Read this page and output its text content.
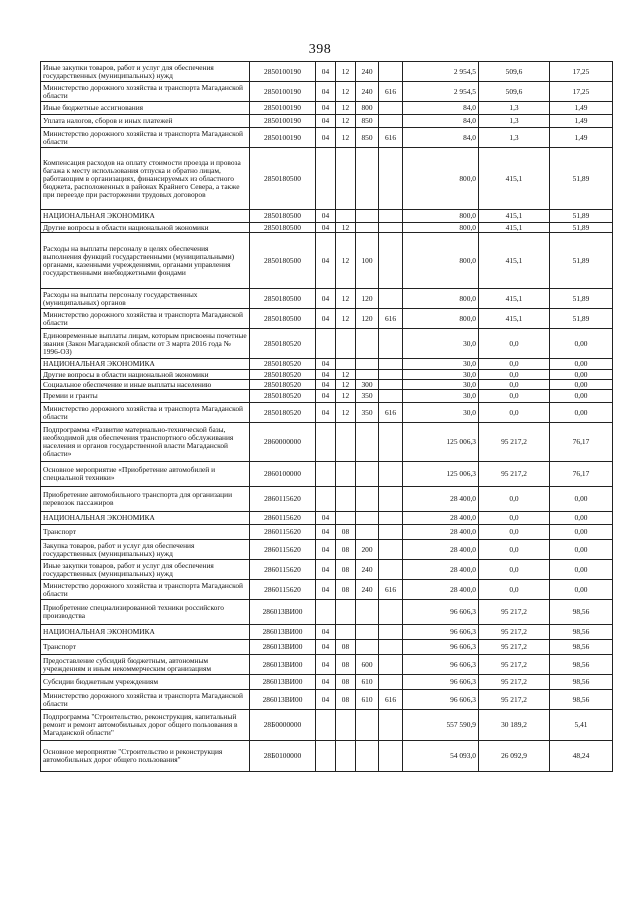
398
Иные закупки товаров, работ и услуг для обеспечения государственных (муниципальных) нужд	2850100190	04	12	240		2 954,5	509,6	17,25
Министерство дорожного хозяйства и транспорта Магаданской области	2850100190	04	12	240	616	2 954,5	509,6	17,25
Иные бюджетные ассигнования	2850100190	04	12	800		84,0	1,3	1,49
Уплата налогов, сборов и иных платежей	2850100190	04	12	850		84,0	1,3	1,49
Министерство дорожного хозяйства и транспорта Магаданской области	2850100190	04	12	850	616	84,0	1,3	1,49
Компенсация расходов на оплату стоимости проезда и провоза багажа к месту использования отпуска и обратно лицам, работающим в организациях, финансируемых из областного бюджета, расположенных в районах Крайнего Севера, а также при переезде при расторжении трудовых договоров	2850180500					800,0	415,1	51,89
НАЦИОНАЛЬНАЯ ЭКОНОМИКА	2850180500	04				800,0	415,1	51,89
Другие вопросы в области национальной экономики	2850180500	04	12			800,0	415,1	51,89
Расходы на выплаты персоналу в целях обеспечения выполнения функций государственными (муниципальными) органами, казенными учреждениями, органами управления государственными внебюджетными фондами	2850180500	04	12	100		800,0	415,1	51,89
Расходы на выплаты персоналу государственных (муниципальных) органов	2850180500	04	12	120		800,0	415,1	51,89
Министерство дорожного хозяйства и транспорта Магаданской области	2850180500	04	12	120	616	800,0	415,1	51,89
Единовременные выплаты лицам, которым присвоены почетные звания (Закон Магаданской области от 3 марта 2016 года № 1996-ОЗ)	2850180520					30,0	0,0	0,00
НАЦИОНАЛЬНАЯ ЭКОНОМИКА	2850180520	04				30,0	0,0	0,00
Другие вопросы в области национальной экономики	2850180520	04	12			30,0	0,0	0,00
Социальное обеспечение и иные выплаты населению	2850180520	04	12	300		30,0	0,0	0,00
Премии и гранты	2850180520	04	12	350		30,0	0,0	0,00
Министерство дорожного хозяйства и транспорта Магаданской области	2850180520	04	12	350	616	30,0	0,0	0,00
Подпрограмма «Развитие материально-технической базы, необходимой для обеспечения транспортного обслуживания населения и органов государственной власти Магаданской области»	2860000000					125 006,3	95 217,2	76,17
Основное мероприятие «Приобретение автомобилей и специальной техники»	2860100000					125 006,3	95 217,2	76,17
Приобретение автомобильного транспорта для организации перевозок пассажиров	2860115620					28 400,0	0,0	0,00
НАЦИОНАЛЬНАЯ ЭКОНОМИКА	2860115620	04				28 400,0	0,0	0,00
Транспорт	2860115620	04	08			28 400,0	0,0	0,00
Закупка товаров, работ и услуг для обеспечения государственных (муниципальных) нужд	2860115620	04	08	200		28 400,0	0,0	0,00
Иные закупки товаров, работ и услуг для обеспечения государственных (муниципальных) нужд	2860115620	04	08	240		28 400,0	0,0	0,00
Министерство дорожного хозяйства и транспорта Магаданской области	2860115620	04	08	240	616	28 400,0	0,0	0,00
Приобретение специализированной техники российского производства	286013ВИ00					96 606,3	95 217,2	98,56
НАЦИОНАЛЬНАЯ ЭКОНОМИКА	286013ВИ00	04				96 606,3	95 217,2	98,56
Транспорт	286013ВИ00	04	08			96 606,3	95 217,2	98,56
Предоставление субсидий бюджетным, автономным учреждениям и иным некоммерческим организациям	286013ВИ00	04	08	600		96 606,3	95 217,2	98,56
Субсидии бюджетным учреждениям	286013ВИ00	04	08	610		96 606,3	95 217,2	98,56
Министерство дорожного хозяйства и транспорта Магаданской области	286013ВИ00	04	08	610	616	96 606,3	95 217,2	98,56
Подпрограмма "Строительство, реконструкция, капитальный ремонт и ремонт автомобильных дорог общего пользования в Магаданской области"	28Б0000000					557 590,9	30 189,2	5,41
Основное мероприятие "Строительство и реконструкция автомобильных дорог общего пользования"	28Б0100000					54 093,0	26 092,9	48,24
